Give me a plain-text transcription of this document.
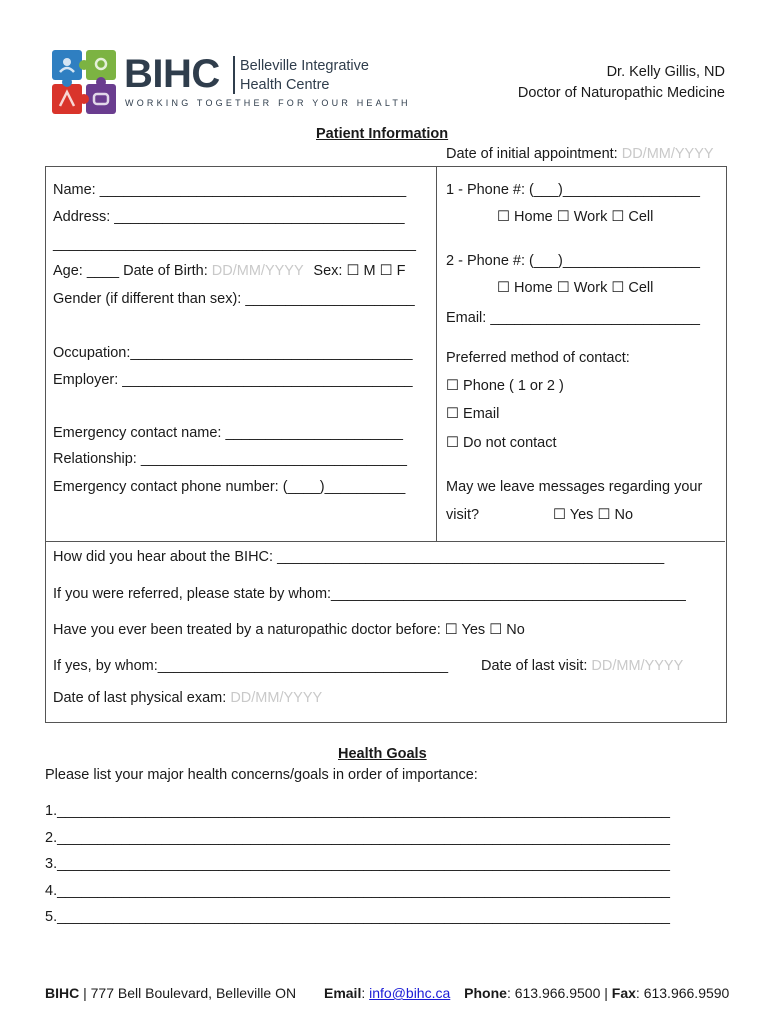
BIHC Belleville Integrative
Health Centre
WORKING TOGETHER FOR YOUR HEALTH
Dr. Kelly Gillis, ND
Doctor of Naturopathic Medicine
Patient Information
Date of initial appointment: DD/MM/YYYY
Name: ______________________________________
Address: ____________________________________
_____________________________________________
Age: ____ Date of Birth: DD/MM/YYYY Sex: ☐ M ☐ F
Gender (if different than sex): _____________________
Occupation:___________________________________
Employer: ____________________________________
Emergency contact name: ______________________
Relationship: _________________________________
Emergency contact phone number: (____)__________
1 - Phone #: (___)_________________
☐ Home ☐ Work ☐ Cell
2 - Phone #: (___)_________________
☐ Home ☐ Work ☐ Cell
Email: __________________________
Preferred method of contact:
☐ Phone ( 1 or 2 )
☐ Email
☐ Do not contact
May we leave messages regarding your
visit?	☐ Yes ☐ No
How did you hear about the BIHC: ________________________________________________
If you were referred, please state by whom:____________________________________________
Have you ever been treated by a naturopathic doctor before: ☐ Yes ☐ No
If yes, by whom:____________________________________ Date of last visit: DD/MM/YYYY
Date of last physical exam: DD/MM/YYYY
Health Goals
Please list your major health concerns/goals in order of importance:
1.____________________________________________________________________________
2.____________________________________________________________________________
3.____________________________________________________________________________
4.____________________________________________________________________________
5.____________________________________________________________________________
BIHC | 777 Bell Boulevard, Belleville ON Email: info@bihc.ca Phone: 613.966.9500 | Fax: 613.966.9590
